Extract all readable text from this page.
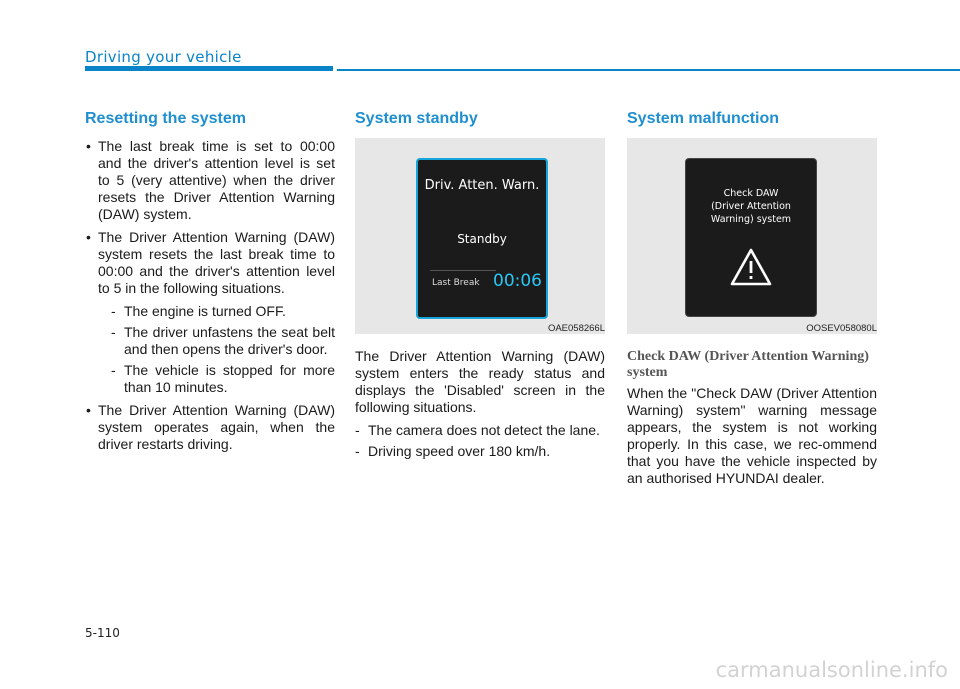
Driving your vehicle
Resetting the system
• The last break time is set to 00:00 and the driver's attention level is set to 5 (very attentive) when the driver resets the Driver Attention Warning (DAW) system.
• The Driver Attention Warning (DAW) system resets the last break time to 00:00 and the driver's attention level to 5 in the following situations.
- The engine is turned OFF.
- The driver unfastens the seat belt and then opens the driver's door.
- The vehicle is stopped for more than 10 minutes.
• The Driver Attention Warning (DAW) system operates again, when the driver restarts driving.
System standby
Driv. Atten. Warn.
Standby
Last Break 00:06
OAE058266L

The Driver Attention Warning (DAW) system enters the ready status and displays the 'Disabled' screen in the following situations.

- The camera does not detect the lane.
- Driving speed over 180 km/h.
System malfunction
Check DAW
(Driver Attention
Warning) system
OOSEV058080L
Check DAW (Driver Attention Warning) system

When the "Check DAW (Driver Attention Warning) system" warning message appears, the system is not working properly. In this case, we rec-ommend that you have the vehicle inspected by an authorised HYUNDAI dealer.

5-110
carmanualsonline.info
